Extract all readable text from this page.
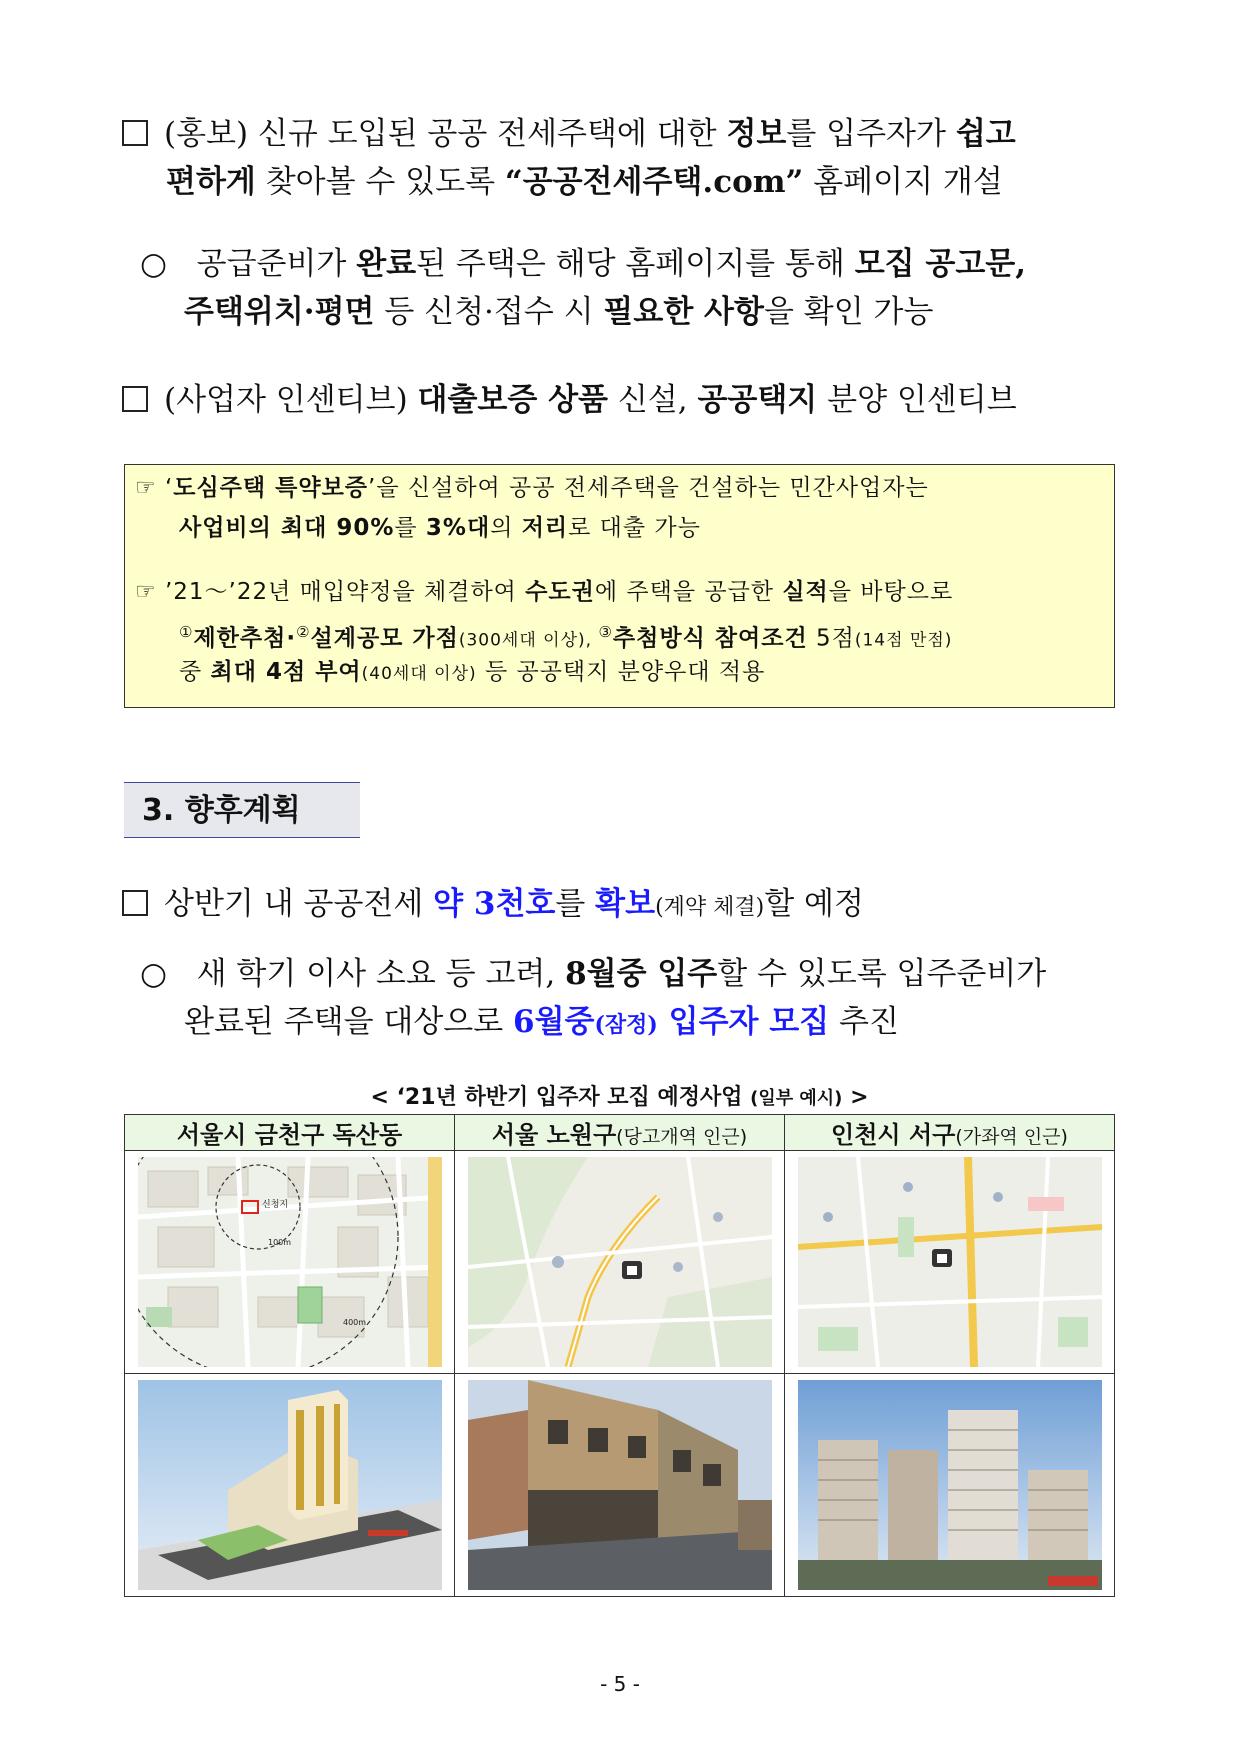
(홍보) 신규 도입된 공공 전세주택에 대한 정보를 입주자가 쉽고
편하게 찾아볼 수 있도록 “공공전세주택.com” 홈페이지 개설
○ 공급준비가 완료된 주택은 해당 홈페이지를 통해 모집 공고문,
주택위치·평면 등 신청·접수 시 필요한 사항을 확인 가능
(사업자 인센티브) 대출보증 상품 신설, 공공택지 분양 인센티브
☞ ‘도심주택 특약보증’을 신설하여 공공 전세주택을 건설하는 민간사업자는
사업비의 최대 90%를 3%대의 저리로 대출 가능
☞ ’21～’22년 매입약정을 체결하여 수도권에 주택을 공급한 실적을 바탕으로
①제한추첨·②설계공모 가점(300세대 이상), ③추첨방식 참여조건 5점(14점 만점)
중 최대 4점 부여(40세대 이상) 등 공공택지 분양우대 적용
3. 향후계획
상반기 내 공공전세 약 3천호를 확보(계약 체결)할 예정
○ 새 학기 이사 소요 등 고려, 8월중 입주할 수 있도록 입주준비가
완료된 주택을 대상으로 6월중(잠정) 입주자 모집 추진
< ‘21년 하반기 입주자 모집 예정사업 (일부 예시) >
서울시 금천구 독산동	서울 노원구(당고개역 인근)	인천시 서구(가좌역 인근)

신청지
100m
400m

- 5 -
